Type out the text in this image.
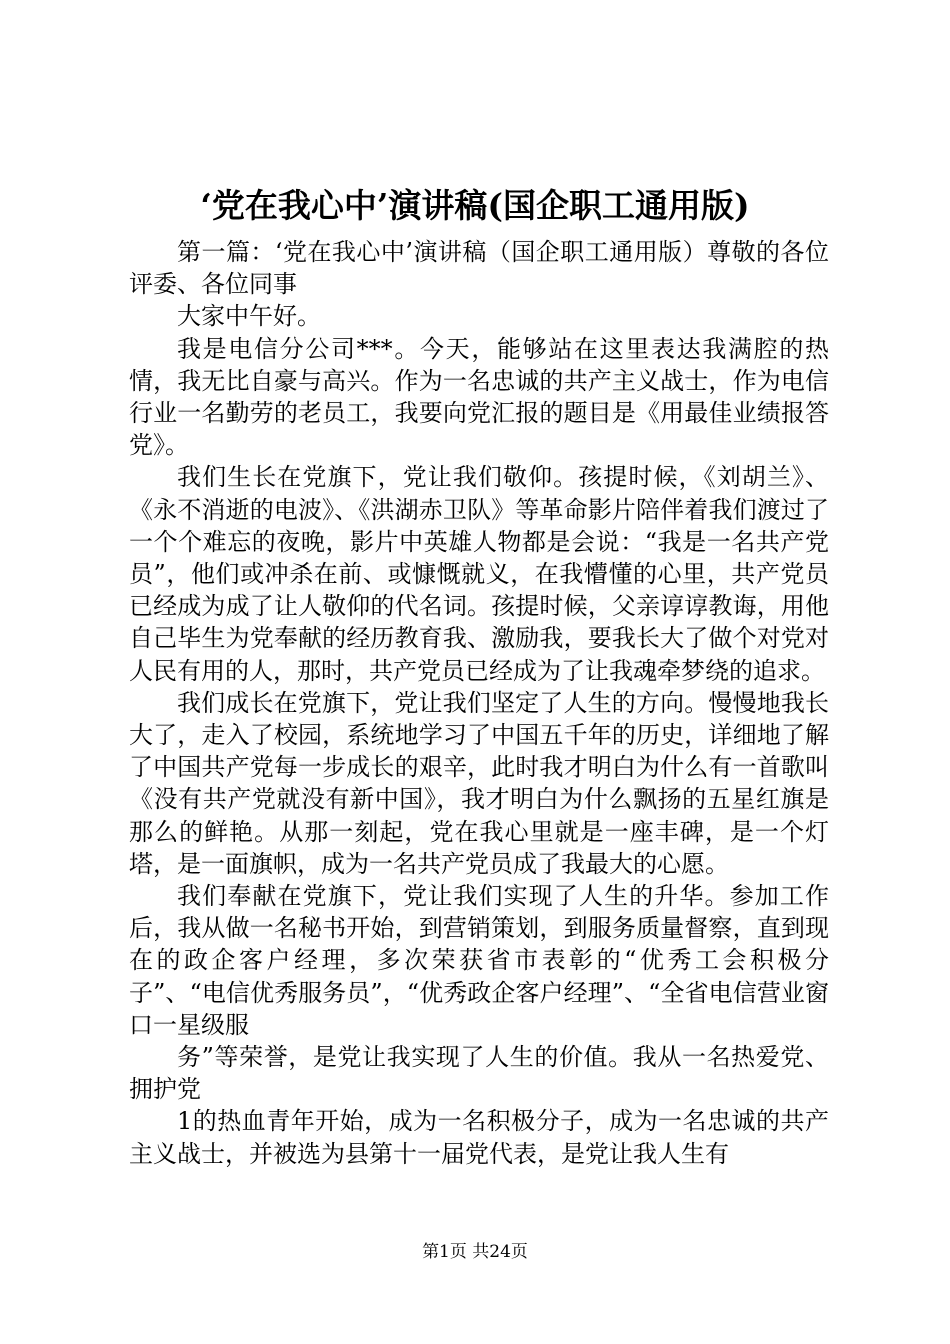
‘党在我心中’演讲稿(国企职工通用版)

第一篇：‘党在我心中’演讲稿（国企职工通用版）尊敬的各位评委、各位同事

大家中午好。

我是电信分公司***。今天，能够站在这里表达我满腔的热情，我无比自豪与高兴。作为一名忠诚的共产主义战士，作为电信行业一名勤劳的老员工，我要向党汇报的题目是《用最佳业绩报答党》。

我们生长在党旗下，党让我们敬仰。孩提时候，《刘胡兰》、《永不消逝的电波》、《洪湖赤卫队》等革命影片陪伴着我们渡过了一个个难忘的夜晚，影片中英雄人物都是会说：“我是一名共产党员”，他们或冲杀在前、或慷慨就义，在我懵懂的心里，共产党员已经成为成了让人敬仰的代名词。孩提时候，父亲谆谆教诲，用他自己毕生为党奉献的经历教育我、激励我，要我长大了做个对党对人民有用的人，那时，共产党员已经成为了让我魂牵梦绕的追求。

我们成长在党旗下，党让我们坚定了人生的方向。慢慢地我长大了，走入了校园，系统地学习了中国五千年的历史，详细地了解了中国共产党每一步成长的艰辛，此时我才明白为什么有一首歌叫《没有共产党就没有新中国》，我才明白为什么飘扬的五星红旗是那么的鲜艳。从那一刻起，党在我心里就是一座丰碑，是一个灯塔，是一面旗帜，成为一名共产党员成了我最大的心愿。

我们奉献在党旗下，党让我们实现了人生的升华。参加工作后，我从做一名秘书开始，到营销策划，到服务质量督察，直到现在的政企客户经理，多次荣获省市表彰的“优秀工会积极分子”、“电信优秀服务员”，“优秀政企客户经理”、“全省电信营业窗口一星级服

务”等荣誉，是党让我实现了人生的价值。我从一名热爱党、拥护党

1的热血青年开始，成为一名积极分子，成为一名忠诚的共产主义战士，并被选为县第十一届党代表，是党让我人生有

第1页 共24页
